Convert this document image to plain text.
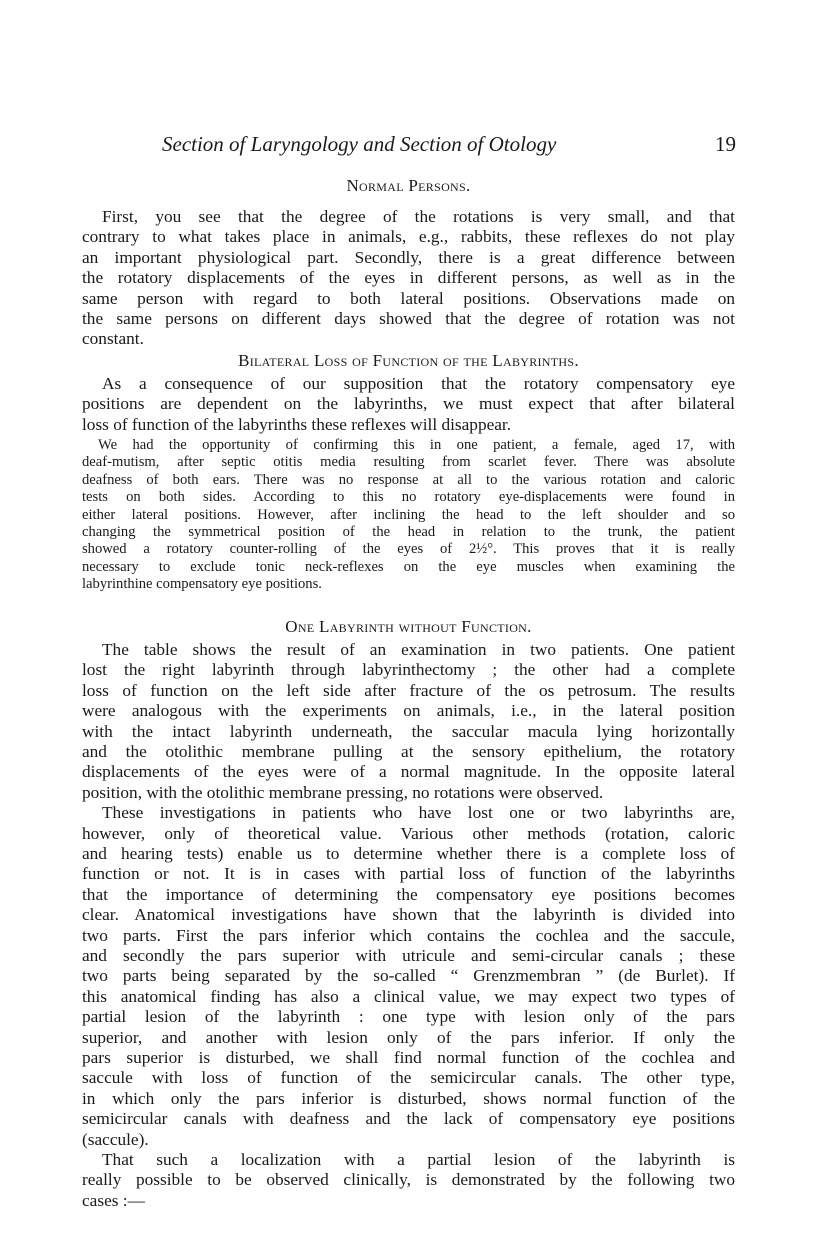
Section of Laryngology and Section of Otology	19
Normal Persons.
First, you see that the degree of the rotations is very small, and that
contrary to what takes place in animals, e.g., rabbits, these reflexes do not play
an important physiological part. Secondly, there is a great difference between
the rotatory displacements of the eyes in different persons, as well as in the
same person with regard to both lateral positions. Observations made on
the same persons on different days showed that the degree of rotation was not
constant.
Bilateral Loss of Function of the Labyrinths.
As a consequence of our supposition that the rotatory compensatory eye
positions are dependent on the labyrinths, we must expect that after bilateral
loss of function of the labyrinths these reflexes will disappear.
We had the opportunity of confirming this in one patient, a female, aged 17, with
deaf-mutism, after septic otitis media resulting from scarlet fever. There was absolute
deafness of both ears. There was no response at all to the various rotation and caloric
tests on both sides. According to this no rotatory eye-displacements were found in
either lateral positions. However, after inclining the head to the left shoulder and so
changing the symmetrical position of the head in relation to the trunk, the patient
showed a rotatory counter-rolling of the eyes of 2½°. This proves that it is really
necessary to exclude tonic neck-reflexes on the eye muscles when examining the
labyrinthine compensatory eye positions.
One Labyrinth without Function.
The table shows the result of an examination in two patients. One patient
lost the right labyrinth through labyrinthectomy ; the other had a complete
loss of function on the left side after fracture of the os petrosum. The results
were analogous with the experiments on animals, i.e., in the lateral position
with the intact labyrinth underneath, the saccular macula lying horizontally
and the otolithic membrane pulling at the sensory epithelium, the rotatory
displacements of the eyes were of a normal magnitude. In the opposite lateral
position, with the otolithic membrane pressing, no rotations were observed.
These investigations in patients who have lost one or two labyrinths are,
however, only of theoretical value. Various other methods (rotation, caloric
and hearing tests) enable us to determine whether there is a complete loss of
function or not. It is in cases with partial loss of function of the labyrinths
that the importance of determining the compensatory eye positions becomes
clear. Anatomical investigations have shown that the labyrinth is divided into
two parts. First the pars inferior which contains the cochlea and the saccule,
and secondly the pars superior with utricule and semi-circular canals ; these
two parts being separated by the so-called “ Grenzmembran ” (de Burlet). If
this anatomical finding has also a clinical value, we may expect two types of
partial lesion of the labyrinth : one type with lesion only of the pars
superior, and another with lesion only of the pars inferior. If only the
pars superior is disturbed, we shall find normal function of the cochlea and
saccule with loss of function of the semicircular canals. The other type,
in which only the pars inferior is disturbed, shows normal function of the
semicircular canals with deafness and the lack of compensatory eye positions
(saccule).
That such a localization with a partial lesion of the labyrinth is
really possible to be observed clinically, is demonstrated by the following two
cases :—
